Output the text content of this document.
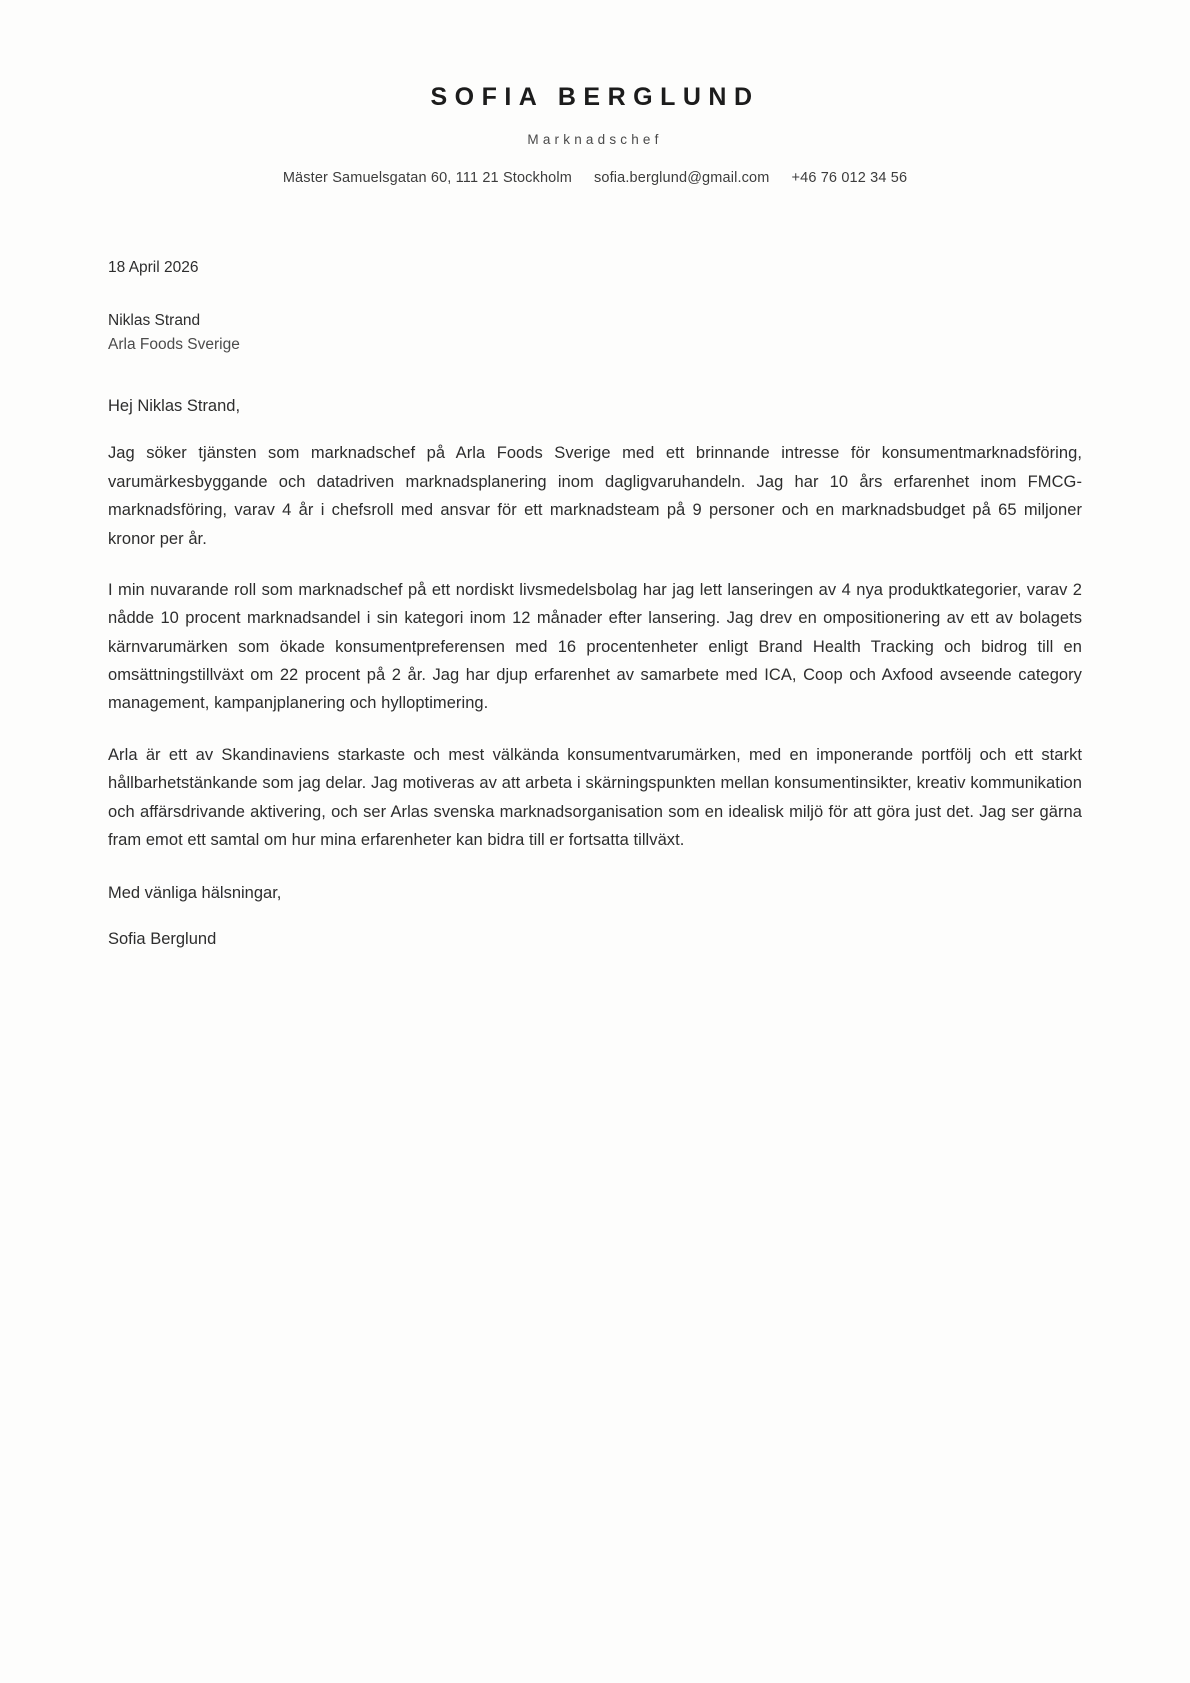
SOFIA BERGLUND
Marknadschef
Mäster Samuelsgatan 60, 111 21 Stockholm sofia.berglund@gmail.com +46 76 012 34 56
18 April 2026
Niklas Strand
Arla Foods Sverige
Hej Niklas Strand,

Jag söker tjänsten som marknadschef på Arla Foods Sverige med ett brinnande intresse för konsumentmarknadsföring, varumärkesbyggande och datadriven marknadsplanering inom dagligvaruhandeln. Jag har 10 års erfarenhet inom FMCG-marknadsföring, varav 4 år i chefsroll med ansvar för ett marknadsteam på 9 personer och en marknadsbudget på 65 miljoner kronor per år.

I min nuvarande roll som marknadschef på ett nordiskt livsmedelsbolag har jag lett lanseringen av 4 nya produktkategorier, varav 2 nådde 10 procent marknadsandel i sin kategori inom 12 månader efter lansering. Jag drev en ompositionering av ett av bolagets kärnvarumärken som ökade konsumentpreferensen med 16 procentenheter enligt Brand Health Tracking och bidrog till en omsättningstillväxt om 22 procent på 2 år. Jag har djup erfarenhet av samarbete med ICA, Coop och Axfood avseende category management, kampanjplanering och hylloptimering.

Arla är ett av Skandinaviens starkaste och mest välkända konsumentvarumärken, med en imponerande portfölj och ett starkt hållbarhetstänkande som jag delar. Jag motiveras av att arbeta i skärningspunkten mellan konsumentinsikter, kreativ kommunikation och affärsdrivande aktivering, och ser Arlas svenska marknadsorganisation som en idealisk miljö för att göra just det. Jag ser gärna fram emot ett samtal om hur mina erfarenheter kan bidra till er fortsatta tillväxt.

Med vänliga hälsningar,
Sofia Berglund
